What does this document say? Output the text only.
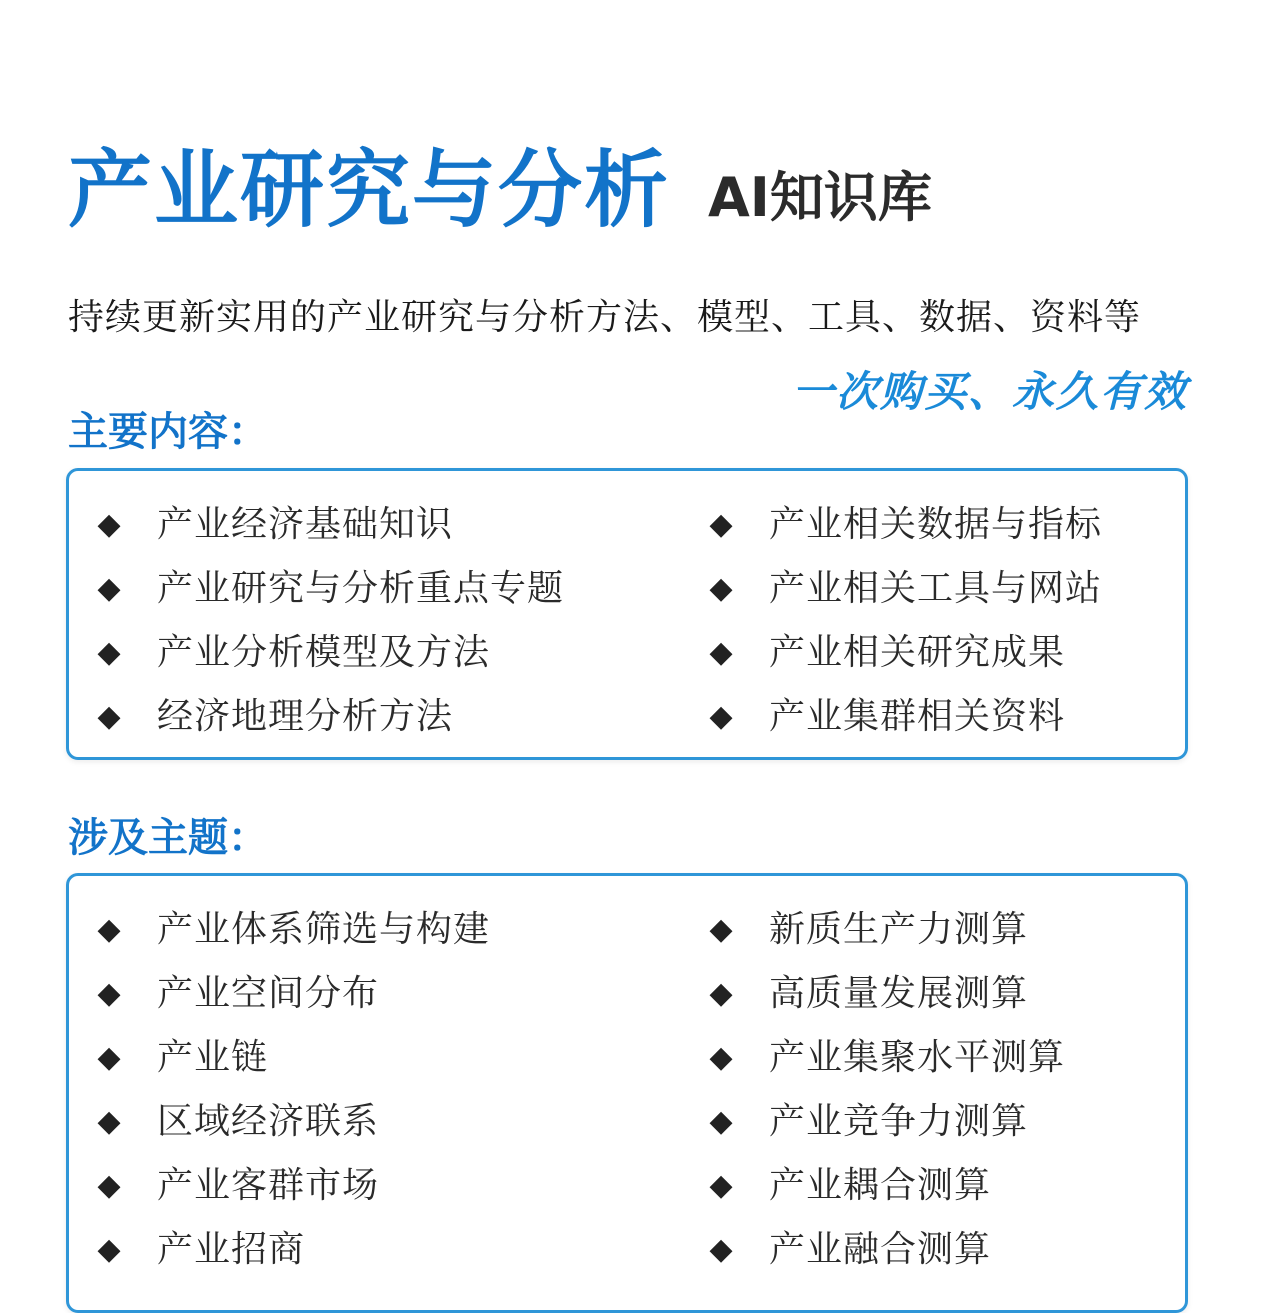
产业研究与分析 AI知识库
持续更新实用的产业研究与分析方法、模型、工具、数据、资料等
一次购买、永久有效
主要内容：
◆ 产业经济基础知识	◆ 产业相关数据与指标
◆ 产业研究与分析重点专题	◆ 产业相关工具与网站
◆ 产业分析模型及方法	◆ 产业相关研究成果
◆ 经济地理分析方法	◆ 产业集群相关资料
涉及主题：
◆ 产业体系筛选与构建	◆ 新质生产力测算
◆ 产业空间分布	◆ 高质量发展测算
◆ 产业链	◆ 产业集聚水平测算
◆ 区域经济联系	◆ 产业竞争力测算
◆ 产业客群市场	◆ 产业耦合测算
◆ 产业招商	◆ 产业融合测算
